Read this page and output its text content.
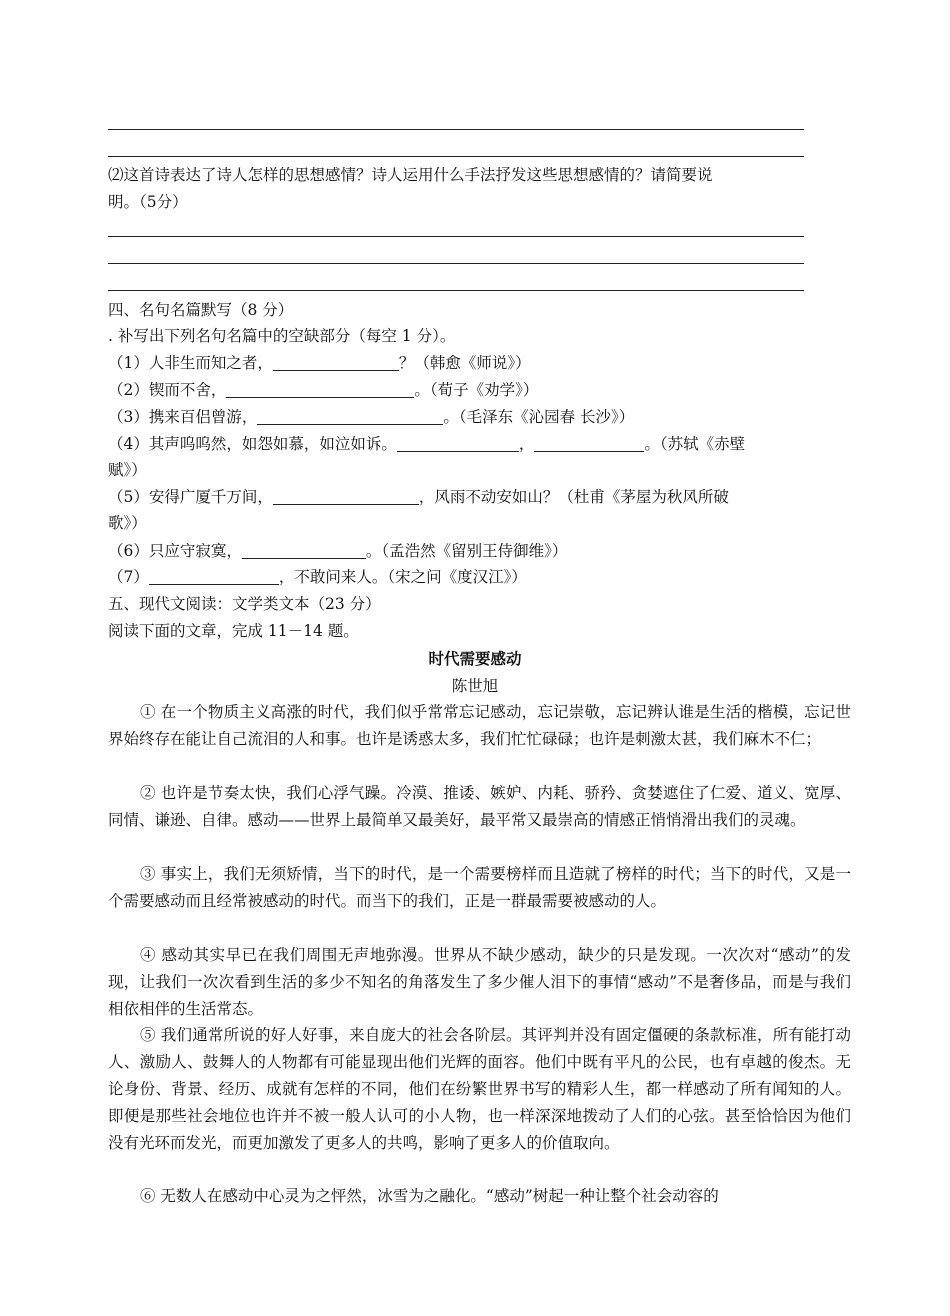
⑵这首诗表达了诗人怎样的思想感情？诗人运用什么手法抒发这些思想感情的？请简要说
明。（5分）
四、名句名篇默写（8 分）
. 补写出下列名句名篇中的空缺部分（每空 1 分）。
（1）人非生而知之者，	？（韩愈《师说》）
（2）锲而不舍，	。（荀子《劝学》）
（3）携来百侣曾游，	。（毛泽东《沁园春 长沙》）
（4）其声呜呜然，如怨如慕，如泣如诉。	，	。（苏轼《赤壁
赋》）
（5）安得广厦千万间，	，风雨不动安如山？（杜甫《茅屋为秋风所破
歌》）
（6）只应守寂寞，	。（孟浩然《留别王侍御维》）
（7）	，不敢问来人。（宋之问《度汉江》）
五、现代文阅读：文学类文本（23 分）
阅读下面的文章，完成 11－14 题。
时代需要感动
陈世旭
① 在一个物质主义高涨的时代，我们似乎常常忘记感动，忘记崇敬，忘记辨认谁是生活的楷模，忘记世界始终存在能让自己流泪的人和事。也许是诱惑太多，我们忙忙碌碌；也许是刺激太甚，我们麻木不仁；
② 也许是节奏太快，我们心浮气躁。冷漠、推诿、嫉妒、内耗、骄矜、贪婪遮住了仁爱、道义、宽厚、同情、谦逊、自律。感动——世界上最简单又最美好，最平常又最崇高的情感正悄悄滑出我们的灵魂。
③ 事实上，我们无须矫情，当下的时代，是一个需要榜样而且造就了榜样的时代；当下的时代，又是一个需要感动而且经常被感动的时代。而当下的我们，正是一群最需要被感动的人。
④ 感动其实早已在我们周围无声地弥漫。世界从不缺少感动，缺少的只是发现。一次次对“感动”的发现，让我们一次次看到生活的多少不知名的角落发生了多少催人泪下的事情“感动”不是奢侈品，而是与我们相依相伴的生活常态。
⑤ 我们通常所说的好人好事，来自庞大的社会各阶层。其评判并没有固定僵硬的条款标准，所有能打动人、激励人、鼓舞人的人物都有可能显现出他们光辉的面容。他们中既有平凡的公民，也有卓越的俊杰。无论身份、背景、经历、成就有怎样的不同，他们在纷繁世界书写的精彩人生，都一样感动了所有闻知的人。即便是那些社会地位也许并不被一般人认可的小人物，也一样深深地拨动了人们的心弦。甚至恰恰因为他们没有光环而发光，而更加激发了更多人的共鸣，影响了更多人的价值取向。
⑥ 无数人在感动中心灵为之怦然，冰雪为之融化。“感动”树起一种让整个社会动容的
